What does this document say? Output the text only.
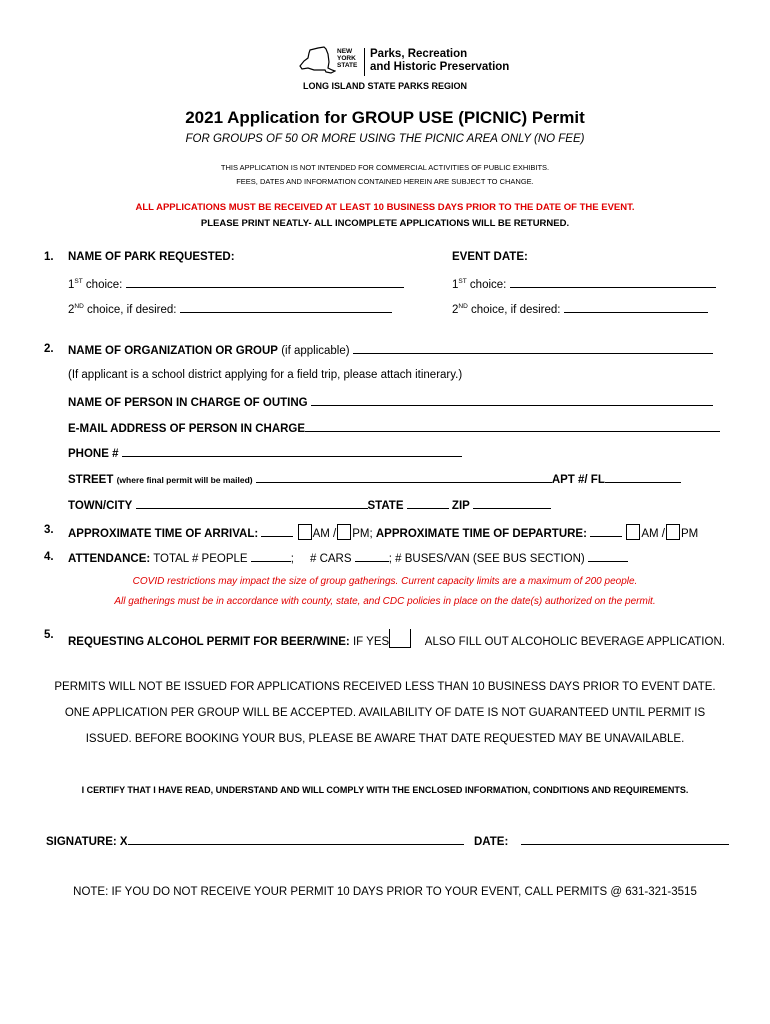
NEW
YORK
STATE
Parks, Recreation
and Historic Preservation
LONG ISLAND STATE PARKS REGION
2021 Application for GROUP USE (PICNIC) Permit
FOR GROUPS OF 50 OR MORE USING THE PICNIC AREA ONLY (NO FEE)
THIS APPLICATION IS NOT INTENDED FOR COMMERCIAL ACTIVITIES OF PUBLIC EXHIBITS.
FEES, DATES AND INFORMATION CONTAINED HEREIN ARE SUBJECT TO CHANGE.
ALL APPLICATIONS MUST BE RECEIVED AT LEAST 10 BUSINESS DAYS PRIOR TO THE DATE OF THE EVENT.
PLEASE PRINT NEATLY- ALL INCOMPLETE APPLICATIONS WILL BE RETURNED.
1. NAME OF PARK REQUESTED:	EVENT DATE:
1ST choice:	1ST choice:
2ND choice, if desired:	2ND choice, if desired:
2. NAME OF ORGANIZATION OR GROUP (if applicable)
(If applicant is a school district applying for a field trip, please attach itinerary.)
NAME OF PERSON IN CHARGE OF OUTING
E-MAIL ADDRESS OF PERSON IN CHARGE
PHONE #
STREET (where final permit will be mailed)	APT #/ FL
TOWN/CITY	STATE	ZIP
3. APPROXIMATE TIME OF ARRIVAL:	AM / PM; APPROXIMATE TIME OF DEPARTURE:	AM / PM
4. ATTENDANCE: TOTAL # PEOPLE	; # CARS	; # BUSES/VAN (SEE BUS SECTION)
COVID restrictions may impact the size of group gatherings. Current capacity limits are a maximum of 200 people.
All gatherings must be in accordance with county, state, and CDC policies in place on the date(s) authorized on the permit.
5.
REQUESTING ALCOHOL PERMIT FOR BEER/WINE: IF YES	ALSO FILL OUT ALCOHOLIC BEVERAGE APPLICATION.
PERMITS WILL NOT BE ISSUED FOR APPLICATIONS RECEIVED LESS THAN 10 BUSINESS DAYS PRIOR TO EVENT DATE.
ONE APPLICATION PER GROUP WILL BE ACCEPTED. AVAILABILITY OF DATE IS NOT GUARANTEED UNTIL PERMIT IS
ISSUED. BEFORE BOOKING YOUR BUS, PLEASE BE AWARE THAT DATE REQUESTED MAY BE UNAVAILABLE.
I CERTIFY THAT I HAVE READ, UNDERSTAND AND WILL COMPLY WITH THE ENCLOSED INFORMATION, CONDITIONS AND REQUIREMENTS.
SIGNATURE: X	DATE:
NOTE: IF YOU DO NOT RECEIVE YOUR PERMIT 10 DAYS PRIOR TO YOUR EVENT, CALL PERMITS @ 631-321-3515
